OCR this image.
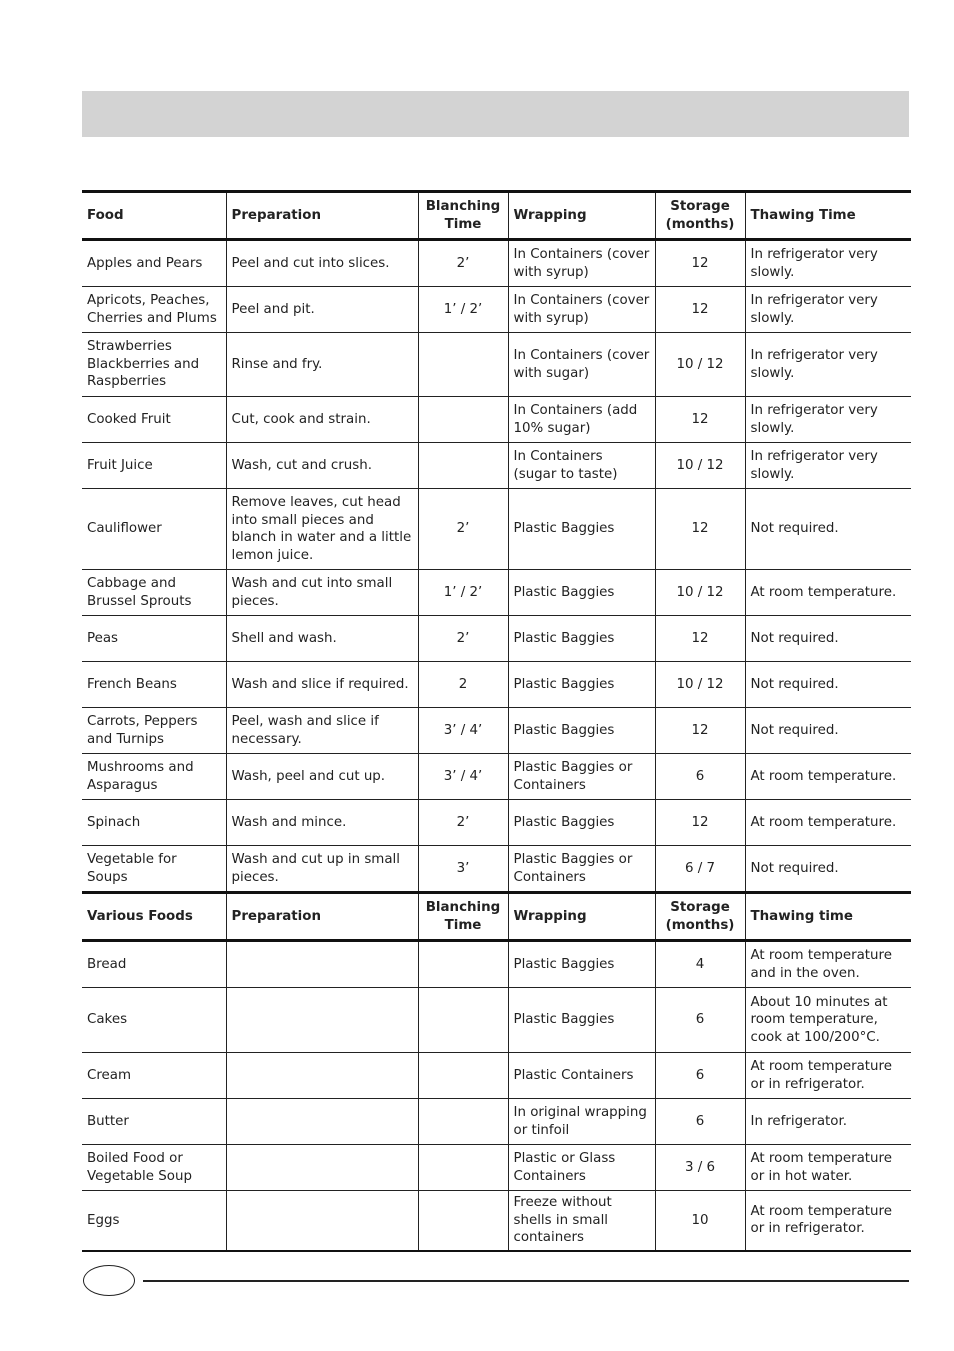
Food	Preparation	Blanching Time	Wrapping	Storage (months)	Thawing Time
Apples and Pears	Peel and cut into slices.	2’	In Containers (cover with syrup)	12	In refrigerator very slowly.
Apricots, Peaches, Cherries and Plums	Peel and pit.	1’ / 2’	In Containers (cover with syrup)	12	In refrigerator very slowly.
Strawberries Blackberries and Raspberries	Rinse and fry.		In Containers (cover with sugar)	10 / 12	In refrigerator very slowly.
Cooked Fruit	Cut, cook and strain.		In Containers (add 10% sugar)	12	In refrigerator very slowly.
Fruit Juice	Wash, cut and crush.		In Containers (sugar to taste)	10 / 12	In refrigerator very slowly.
Cauliflower	Remove leaves, cut head into small pieces and blanch in water and a little lemon juice.	2’	Plastic Baggies	12	Not required.
Cabbage and Brussel Sprouts	Wash and cut into small pieces.	1’ / 2’	Plastic Baggies	10 / 12	At room temperature.
Peas	Shell and wash.	2’	Plastic Baggies	12	Not required.
French Beans	Wash and slice if required.	2	Plastic Baggies	10 / 12	Not required.
Carrots, Peppers and Turnips	Peel, wash and slice if necessary.	3’ / 4’	Plastic Baggies	12	Not required.
Mushrooms and Asparagus	Wash, peel and cut up.	3’ / 4’	Plastic Baggies or Containers	6	At room temperature.
Spinach	Wash and mince.	2’	Plastic Baggies	12	At room temperature.
Vegetable for Soups	Wash and cut up in small pieces.	3’	Plastic Baggies or Containers	6 / 7	Not required.
Various Foods	Preparation	Blanching Time	Wrapping	Storage (months)	Thawing time
Bread			Plastic Baggies	4	At room temperature and in the oven.
Cakes			Plastic Baggies	6	About 10 minutes at room temperature, cook at 100/200°C.
Cream			Plastic Containers	6	At room temperature or in refrigerator.
Butter			In original wrapping or tinfoil	6	In refrigerator.
Boiled Food or Vegetable Soup			Plastic or Glass Containers	3 / 6	At room temperature or in hot water.
Eggs			Freeze without shells in small containers	10	At room temperature or in refrigerator.
